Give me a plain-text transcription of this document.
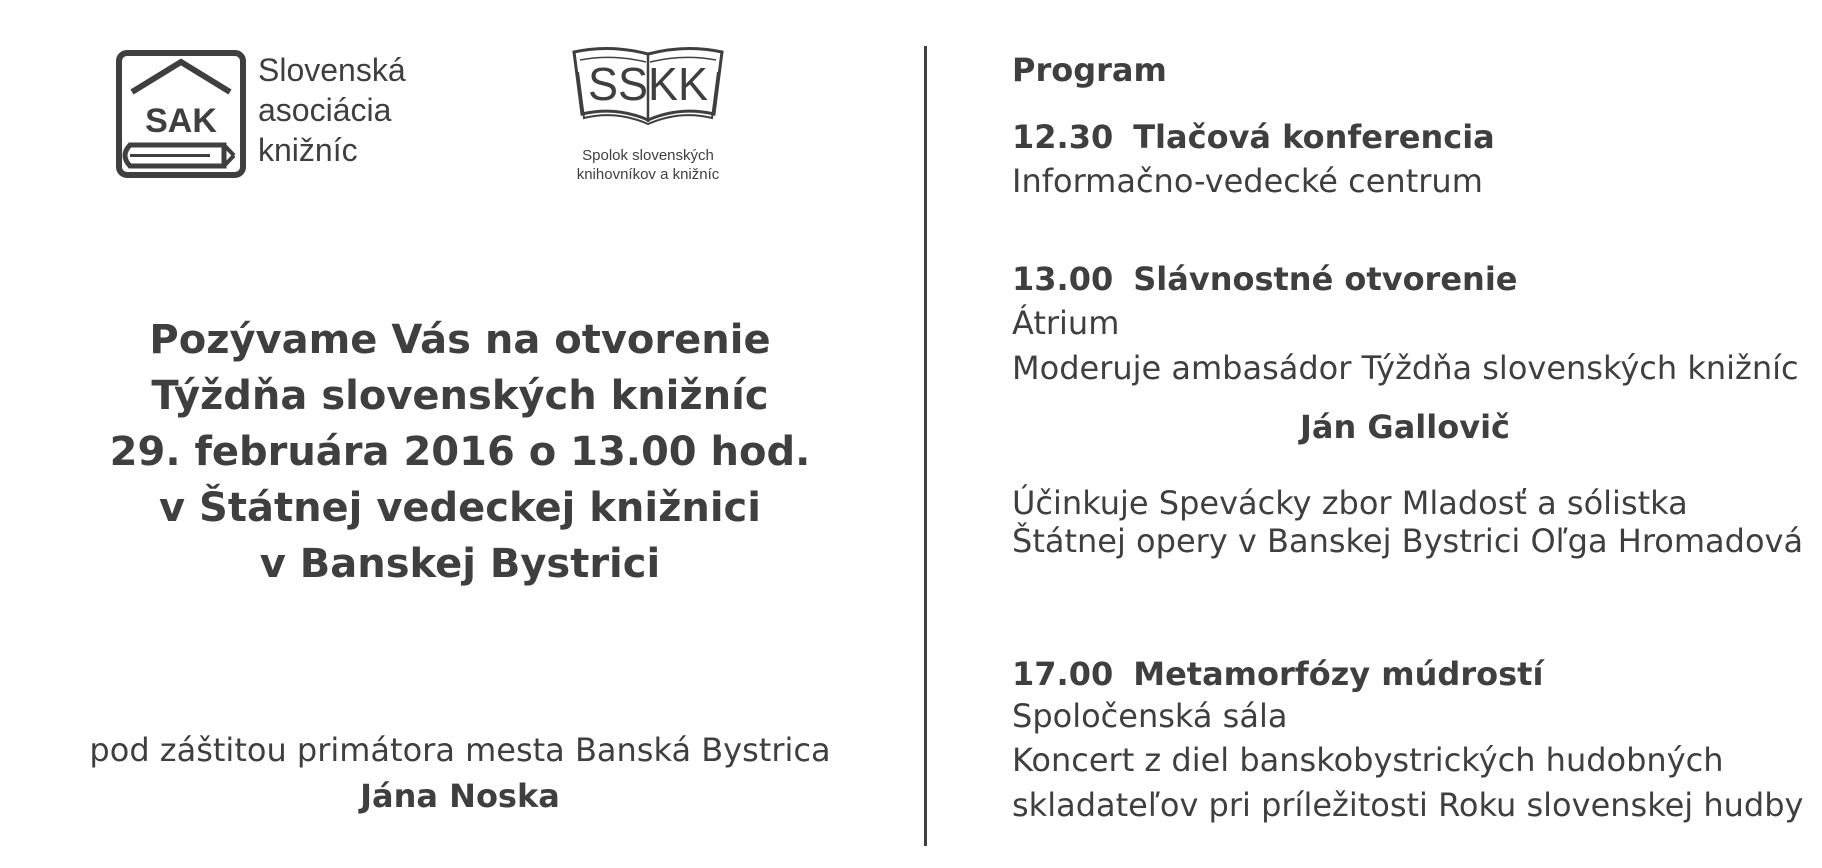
SAK
Slovenská
asociácia
knižníc
SSKK
Spolok slovenských
knihovníkov a knižníc
Pozývame Vás na otvorenie
Týždňa slovenských knižníc
29. februára 2016 o 13.00 hod.
v Štátnej vedeckej knižnici
v Banskej Bystrici
pod záštitou primátora mesta Banská Bystrica
Jána Noska
Program
12.30 Tlačová konferencia
Informačno-vedecké centrum
13.00 Slávnostné otvorenie
Átrium
Moderuje ambasádor Týždňa slovenských knižníc
Ján Gallovič
Účinkuje Spevácky zbor Mladosť a sólistka
Štátnej opery v Banskej Bystrici Oľga Hromadová
17.00 Metamorfózy múdrostí
Spoločenská sála
Koncert z diel banskobystrických hudobných
skladateľov pri príležitosti Roku slovenskej hudby
